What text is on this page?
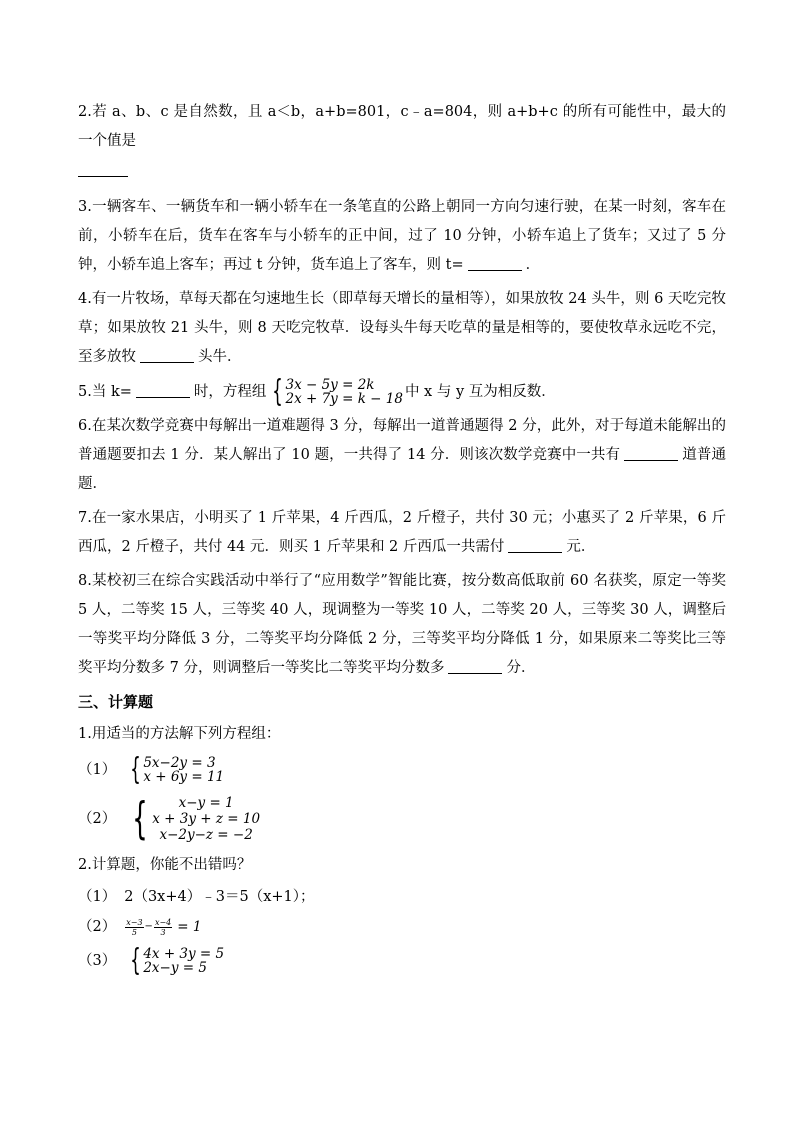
2.若 a、b、c 是自然数，且 a＜b，a+b=801，c﹣a=804，则 a+b+c 的所有可能性中，最大的一个值是
3.一辆客车、一辆货车和一辆小轿车在一条笔直的公路上朝同一方向匀速行驶，在某一时刻，客车在前，小轿车在后，货车在客车与小轿车的正中间，过了 10 分钟，小轿车追上了货车；又过了 5 分钟，小轿车追上客车；再过 t 分钟，货车追上了客车，则 t=	．
4.有一片牧场，草每天都在匀速地生长（即草每天增长的量相等），如果放牧 24 头牛，则 6 天吃完牧草；如果放牧 21 头牛，则 8 天吃完牧草．设每头牛每天吃草的量是相等的，要使牧草永远吃不完，至多放牧	头牛．
5.当 k=	时，方程组 { 3x − 5y = 2k
2x + 7y = k − 18 中 x 与 y 互为相反数．
6.在某次数学竞赛中每解出一道难题得 3 分，每解出一道普通题得 2 分，此外，对于每道未能解出的普通题要扣去 1 分．某人解出了 10 题，一共得了 14 分．则该次数学竞赛中一共有	道普通题．
7.在一家水果店，小明买了 1 斤苹果，4 斤西瓜，2 斤橙子，共付 30 元；小惠买了 2 斤苹果，6 斤西瓜，2 斤橙子，共付 44 元．则买 1 斤苹果和 2 斤西瓜一共需付	元．
8.某校初三在综合实践活动中举行了“应用数学”智能比赛，按分数高低取前 60 名获奖，原定一等奖 5 人，二等奖 15 人，三等奖 40 人，现调整为一等奖 10 人，二等奖 20 人，三等奖 30 人，调整后一等奖平均分降低 3 分，二等奖平均分降低 2 分，三等奖平均分降低 1 分，如果原来二等奖比三等奖平均分数多 7 分，则调整后一等奖比二等奖平均分数多	分．
三、计算题
1.用适当的方法解下列方程组：
（1） { 5x−2y = 3
x + 6y = 11
（2） {	x−y = 1
x + 3y + z = 10
x−2y−z = −2
2.计算题，你能不出错吗？
（1） 2（3x+4）﹣3＝5（x+1）；
$(2) \frac{x-3}{5} - \frac{x-4}{3} = 1$
（3） { 4x + 3y = 5
2x−y = 5
